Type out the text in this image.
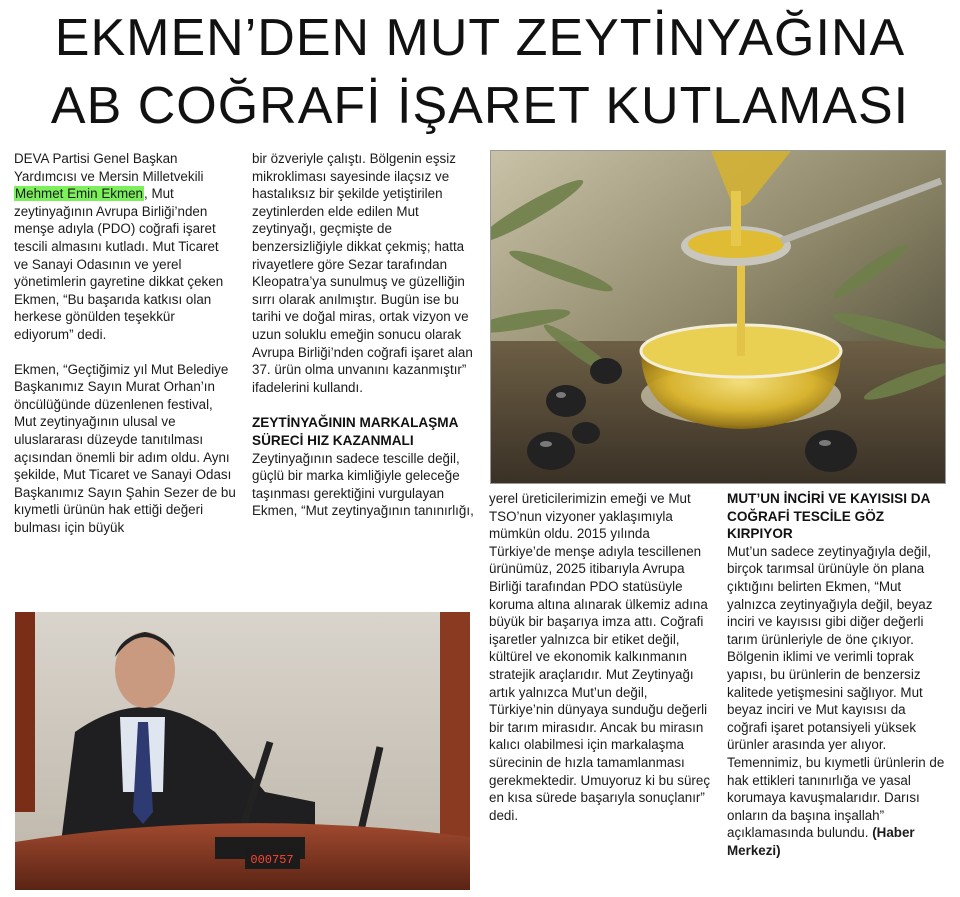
EKMEN’DEN MUT ZEYTİNYAĞINA
AB COĞRAFİ İŞARET KUTLAMASI

DEVA Partisi Genel Başkan Yardımcısı ve Mersin Milletvekili Mehmet Emin Ekmen, Mut zeytinyağının Avrupa Birliği’nden menşe adıyla (PDO) coğrafi işaret tescili almasını kutladı. Mut Ticaret ve Sanayi Odasının ve yerel yönetimlerin gayretine dikkat çeken Ekmen, “Bu başarıda katkısı olan herkese gönülden teşekkür ediyorum” dedi.

Ekmen, “Geçtiğimiz yıl Mut Belediye Başkanımız Sayın Murat Orhan’ın öncülüğünde düzenlenen festival, Mut zeytinyağının ulusal ve uluslararası düzeyde tanıtılması açısından önemli bir adım oldu. Aynı şekilde, Mut Ticaret ve Sanayi Odası Başkanımız Sayın Şahin Sezer de bu kıymetli ürünün hak ettiği değeri bulması için büyük

bir özveriyle çalıştı. Bölgenin eşsiz mikrokliması sayesinde ilaçsız ve hastalıksız bir şekilde yetiştirilen zeytinlerden elde edilen Mut zeytinyağı, geçmişte de benzersizliğiyle dikkat çekmiş; hatta rivayetlere göre Sezar tarafından Kleopatra’ya sunulmuş ve güzelliğin sırrı olarak anılmıştır. Bugün ise bu tarihi ve doğal miras, ortak vizyon ve uzun soluklu emeğin sonucu olarak Avrupa Birliği’nden coğrafi işaret alan 37. ürün olma unvanını kazanmıştır” ifadelerini kullandı.

ZEYTİNYAĞININ MARKALAŞMA SÜRECİ HIZ KAZANMALI

Zeytinyağının sadece tescille değil, güçlü bir marka kimliğiyle geleceğe taşınması gerektiğini vurgulayan Ekmen, “Mut zeytinyağının tanınırlığı,

yerel üreticilerimizin emeği ve Mut TSO’nun vizyoner yaklaşımıyla mümkün oldu. 2015 yılında Türkiye’de menşe adıyla tescillenen ürünümüz, 2025 itibarıyla Avrupa Birliği tarafından PDO statüsüyle koruma altına alınarak ülkemiz adına büyük bir başarıya imza attı. Coğrafi işaretler yalnızca bir etiket değil, kültürel ve ekonomik kalkınmanın stratejik araçlarıdır. Mut Zeytinyağı artık yalnızca Mut’un değil, Türkiye’nin dünyaya sunduğu değerli bir tarım mirasıdır. Ancak bu mirasın kalıcı olabilmesi için markalaşma sürecinin de hızla tamamlanması gerekmektedir. Umuyoruz ki bu süreç en kısa sürede başarıyla sonuçlanır” dedi.

MUT’UN İNCİRİ VE KAYISISI DA COĞRAFİ TESCİLE GÖZ KIRPIYOR

Mut’un sadece zeytinyağıyla değil, birçok tarımsal ürünüyle ön plana çıktığını belirten Ekmen, “Mut yalnızca zeytinyağıyla değil, beyaz inciri ve kayısısı gibi diğer değerli tarım ürünleriyle de öne çıkıyor. Bölgenin iklimi ve verimli toprak yapısı, bu ürünlerin de benzersiz kalitede yetişmesini sağlıyor. Mut beyaz inciri ve Mut kayısısı da coğrafi işaret potansiyeli yüksek ürünler arasında yer alıyor. Temennimiz, bu kıymetli ürünlerin de hak ettikleri tanınırlığa ve yasal korumaya kavuşmalarıdır. Darısı onların da başına inşallah” açıklamasında bulundu. (Haber Merkezi)

000757
